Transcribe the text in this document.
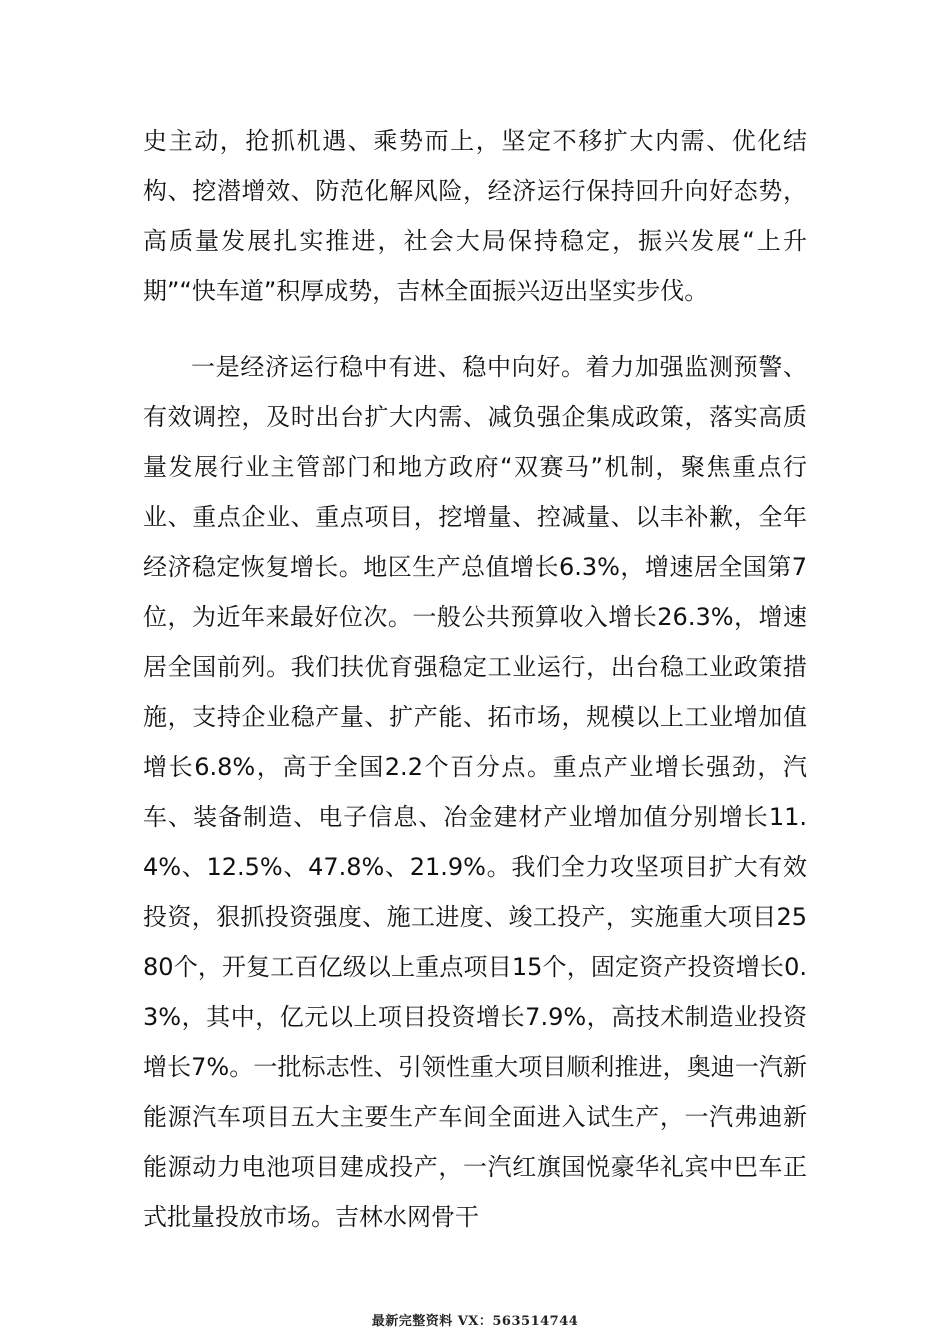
史主动，抢抓机遇、乘势而上，坚定不移扩大内需、优化结构、挖潜增效、防范化解风险，经济运行保持回升向好态势，高质量发展扎实推进，社会大局保持稳定，振兴发展“上升期”“快车道”积厚成势，吉林全面振兴迈出坚实步伐。

一是经济运行稳中有进、稳中向好。着力加强监测预警、有效调控，及时出台扩大内需、减负强企集成政策，落实高质量发展行业主管部门和地方政府“双赛马”机制，聚焦重点行业、重点企业、重点项目，挖增量、控减量、以丰补歉，全年经济稳定恢复增长。地区生产总值增长6.3%，增速居全国第7位，为近年来最好位次。一般公共预算收入增长26.3%，增速居全国前列。我们扶优育强稳定工业运行，出台稳工业政策措施，支持企业稳产量、扩产能、拓市场，规模以上工业增加值增长6.8%，高于全国2.2个百分点。重点产业增长强劲，汽车、装备制造、电子信息、冶金建材产业增加值分别增长11.4%、12.5%、47.8%、21.9%。我们全力攻坚项目扩大有效投资，狠抓投资强度、施工进度、竣工投产，实施重大项目2580个，开复工百亿级以上重点项目15个，固定资产投资增长0.3%，其中，亿元以上项目投资增长7.9%，高技术制造业投资增长7%。一批标志性、引领性重大项目顺利推进，奥迪一汽新能源汽车项目五大主要生产车间全面进入试生产，一汽弗迪新能源动力电池项目建成投产，一汽红旗国悦豪华礼宾中巴车正式批量投放市场。吉林水网骨干

最新完整资料 VX：563514744
